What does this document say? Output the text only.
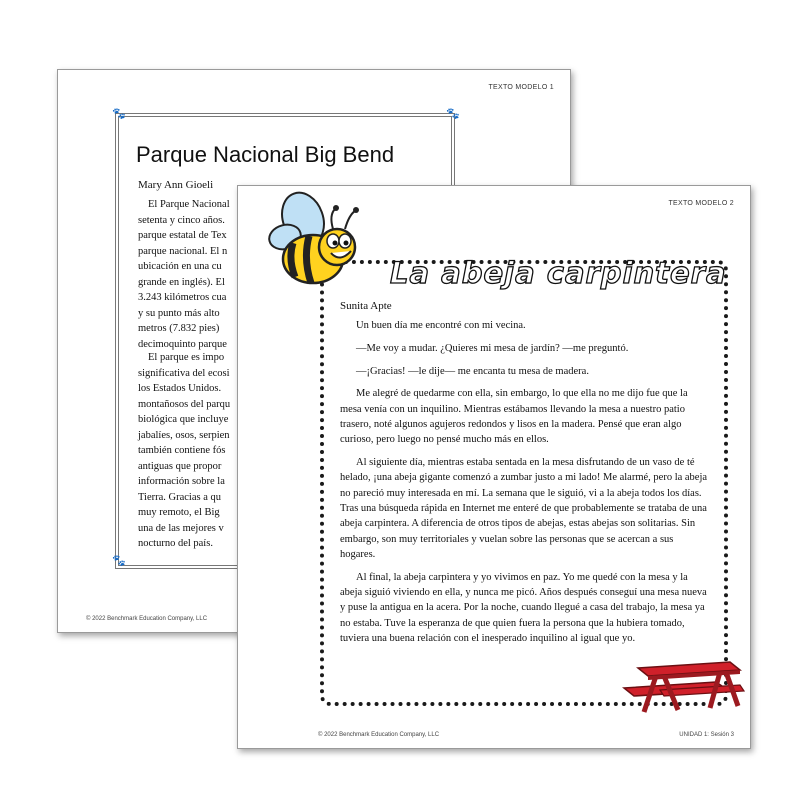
TEXTO MODELO 1
🐾	🐾
🐾
Parque Nacional Big Bend
Mary Ann Gioeli
El Parque Nacional
setenta y cinco años.
parque estatal de Tex
parque nacional. El n
ubicación en una cu
grande en inglés). El
3.243 kilómetros cua
y su punto más alto
metros (7.832 pies)
decimoquinto parque
El parque es impo
significativa del ecosi
los Estados Unidos.
montañosos del parqu
biológica que incluye
jabalíes, osos, serpien
también contiene fós
antiguas que propor
información sobre la
Tierra. Gracias a qu
muy remoto, el Big
una de las mejores v
nocturno del país.
© 2022 Benchmark Education Company, LLC
TEXTO MODELO 2
La abeja carpintera
Sunita Apte

Un buen día me encontré con mi vecina.

—Me voy a mudar. ¿Quieres mi mesa de jardín? —me preguntó.

—¡Gracias! —le dije— me encanta tu mesa de madera.

Me alegré de quedarme con ella, sin embargo, lo que ella no me dijo fue que la mesa venía con un inquilino. Mientras estábamos llevando la mesa a nuestro patio trasero, noté algunos agujeros redondos y lisos en la madera. Pensé que eran algo curioso, pero luego no pensé mucho más en ellos.

Al siguiente día, mientras estaba sentada en la mesa disfrutando de un vaso de té helado, ¡una abeja gigante comenzó a zumbar justo a mi lado! Me alarmé, pero la abeja no pareció muy interesada en mí. La semana que le siguió, vi a la abeja todos los días. Tras una búsqueda rápida en Internet me enteré de que probablemente se trataba de una abeja carpintera. A diferencia de otros tipos de abejas, estas abejas son solitarias. Sin embargo, son muy territoriales y vuelan sobre las personas que se acercan a sus hogares.

Al final, la abeja carpintera y yo vivimos en paz. Yo me quedé con la mesa y la abeja siguió viviendo en ella, y nunca me picó. Años después conseguí una mesa nueva y puse la antigua en la acera. Por la noche, cuando llegué a casa del trabajo, la mesa ya no estaba. Tuve la esperanza de que quien fuera la persona que la hubiera tomado, tuviera una buena relación con el inesperado inquilino al igual que yo.

© 2022 Benchmark Education Company, LLC	UNIDAD 1: Sesión 3
